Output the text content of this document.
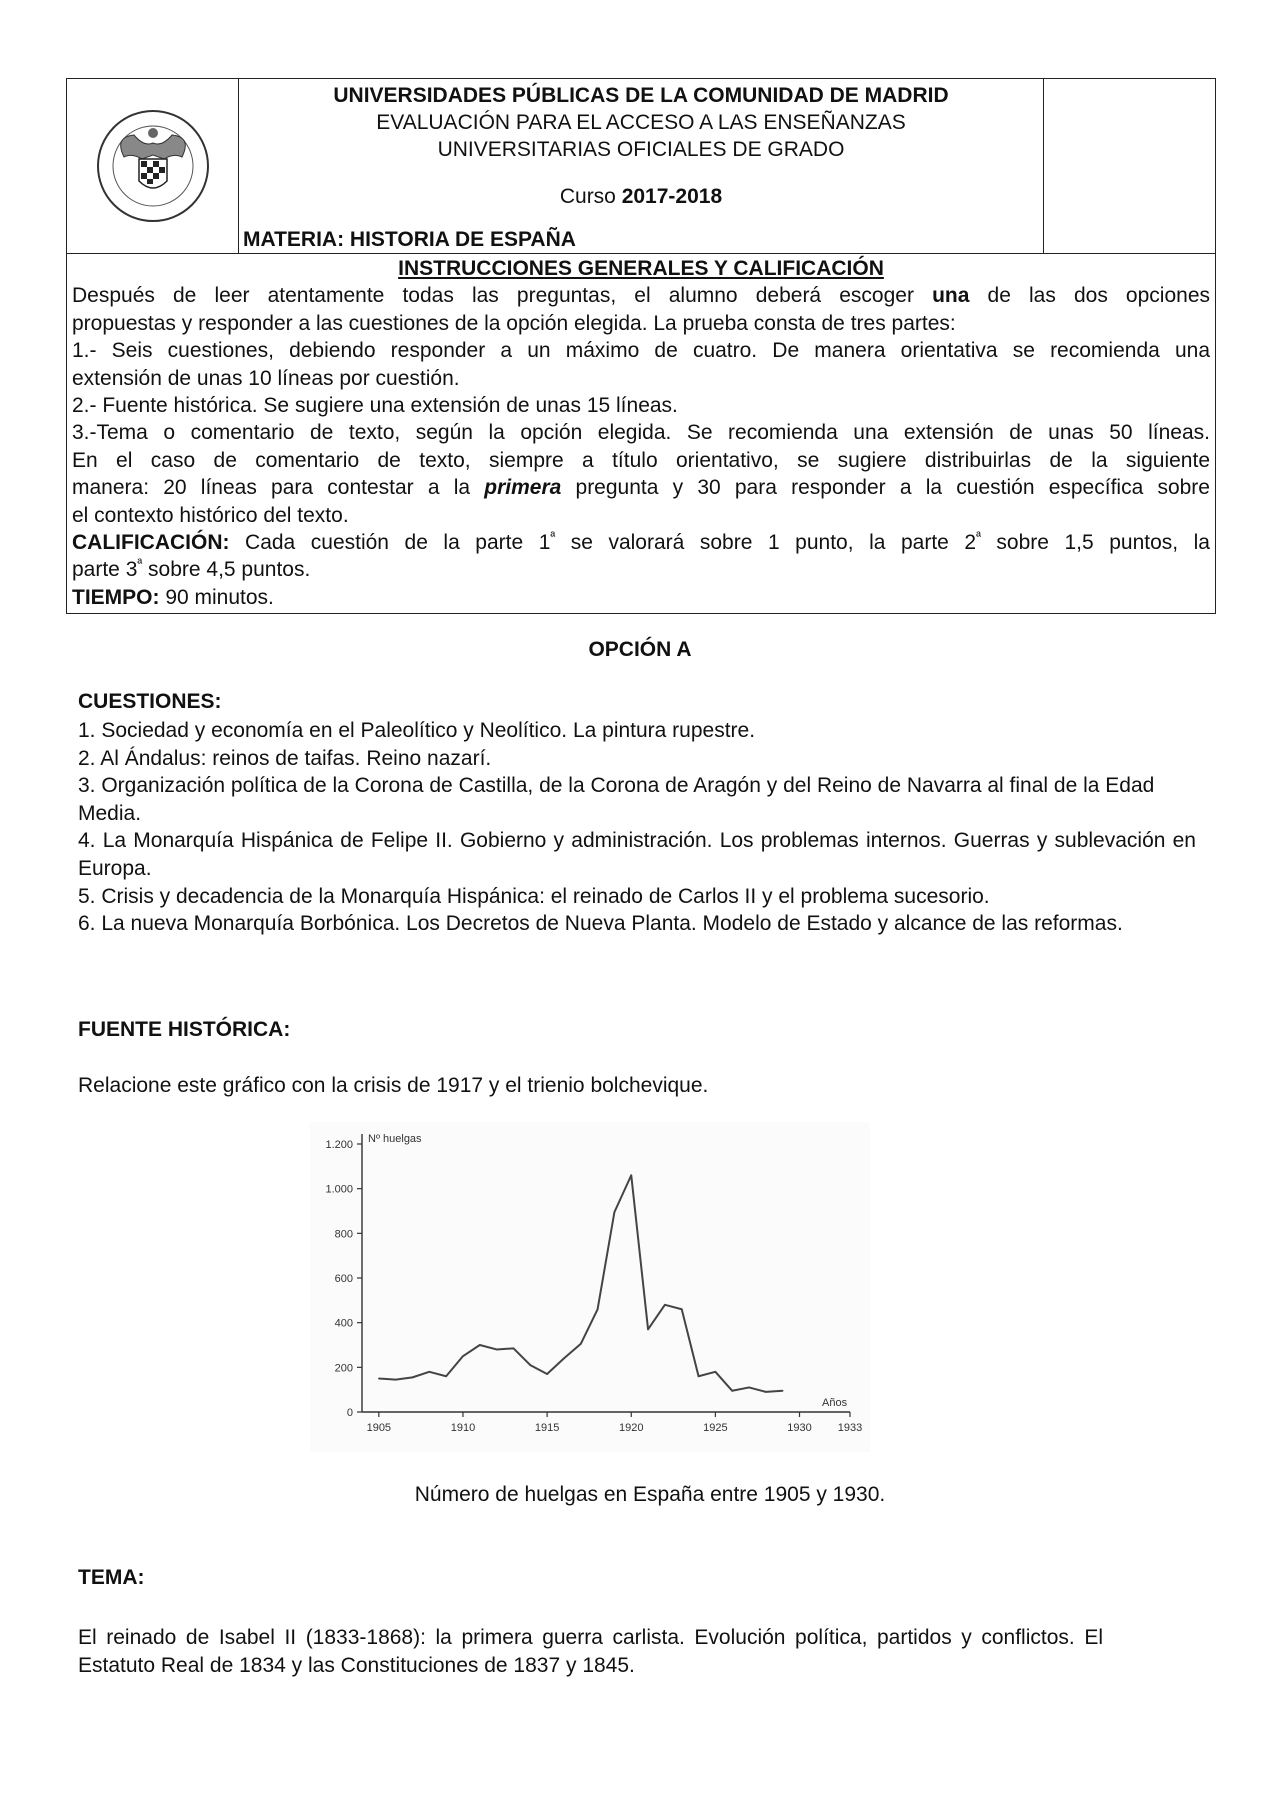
UNIVERSIDADES PÚBLICAS DE LA COMUNIDAD DE MADRID
EVALUACIÓN PARA EL ACCESO A LAS ENSEÑANZAS
UNIVERSITARIAS OFICIALES DE GRADO
Curso 2017-2018
MATERIA: HISTORIA DE ESPAÑA
INSTRUCCIONES GENERALES Y CALIFICACIÓN
Después de leer atentamente todas las preguntas, el alumno deberá escoger una de las dos opciones
propuestas y responder a las cuestiones de la opción elegida. La prueba consta de tres partes:
1.- Seis cuestiones, debiendo responder a un máximo de cuatro. De manera orientativa se recomienda una
extensión de unas 10 líneas por cuestión.
2.- Fuente histórica. Se sugiere una extensión de unas 15 líneas.
3.-Tema o comentario de texto, según la opción elegida. Se recomienda una extensión de unas 50 líneas.
En el caso de comentario de texto, siempre a título orientativo, se sugiere distribuirlas de la siguiente
manera: 20 líneas para contestar a la primera pregunta y 30 para responder a la cuestión específica sobre
el contexto histórico del texto.
CALIFICACIÓN: Cada cuestión de la parte $1^ª$ se valorará sobre 1 punto, la parte $2^ª$ sobre 1,5 puntos, la
parte $3^ª$ sobre 4,5 puntos.
TIEMPO: 90 minutos.
OPCIÓN A
CUESTIONES:
1. Sociedad y economía en el Paleolítico y Neolítico. La pintura rupestre.
2. Al Ándalus: reinos de taifas. Reino nazarí.
3. Organización política de la Corona de Castilla, de la Corona de Aragón y del Reino de Navarra al final de la Edad Media.
4. La Monarquía Hispánica de Felipe II. Gobierno y administración. Los problemas internos. Guerras y sublevación en Europa.
5. Crisis y decadencia de la Monarquía Hispánica: el reinado de Carlos II y el problema sucesorio.
6. La nueva Monarquía Borbónica. Los Decretos de Nueva Planta. Modelo de Estado y alcance de las reformas.
FUENTE HISTÓRICA:
Relacione este gráfico con la crisis de 1917 y el trienio bolchevique.
0
200
400
600
800
1.000
1.200
1905	1910	1915	1920	1925	1930 1933
Nº huelgas
Años
Número de huelgas en España entre 1905 y 1930.
TEMA:
El reinado de Isabel II (1833-1868): la primera guerra carlista. Evolución política, partidos y conflictos. El Estatuto Real de 1834 y las Constituciones de 1837 y 1845.
